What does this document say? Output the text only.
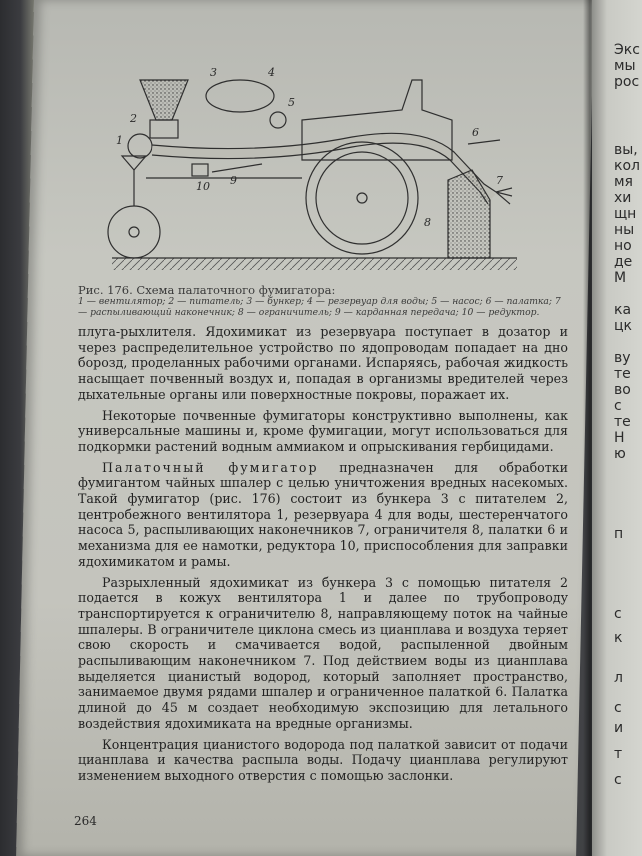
1
2
3	4
5
6
7
8
9
10
Рис. 176. Схема палаточного фумигатора:
1 — вентилятор; 2 — питатель; 3 — бункер; 4 — резервуар для воды; 5 — насос; 6 — палатка; 7 — распыливающий наконечник; 8 — ограничитель; 9 — карданная передача; 10 — редуктор.

плуга-рыхлителя. Ядохимикат из резервуара поступает в дозатор и через распределительное устройство по ядопроводам попадает на дно борозд, проделанных рабочими органами. Испаряясь, рабочая жидкость насыщает почвенный воздух и, попадая в организмы вредителей через дыхательные органы или поверхностные покровы, поражает их.

Некоторые почвенные фумигаторы конструктивно выполнены, как универсальные машины и, кроме фумигации, могут использоваться для подкормки растений водным аммиаком и опрыскивания гербицидами.

Палаточный фумигатор предназначен для обработки фумигантом чайных шпалер с целью уничтожения вредных насекомых. Такой фумигатор (рис. 176) состоит из бункера 3 с питателем 2, центробежного вентилятора 1, резервуара 4 для воды, шестеренчатого насоса 5, распыливающих наконечников 7, ограничителя 8, палатки 6 и механизма для ее намотки, редуктора 10, приспособления для заправки ядохимикатом и рамы.

Разрыхленный ядохимикат из бункера 3 с помощью питателя 2 подается в кожух вентилятора 1 и далее по трубопроводу транспортируется к ограничителю 8, направляющему поток на чайные шпалеры. В ограничителе циклона смесь из цианплава и воздуха теряет свою скорость и смачивается водой, распыленной двойным распыливающим наконечником 7. Под действием воды из цианплава выделяется цианистый водород, который заполняет пространство, занимаемое двумя рядами шпалер и ограниченное палаткой 6. Палатка длиной до 45 м создает необходимую экспозицию для летального воздействия ядохимиката на вредные организмы.

Концентрация цианистого водорода под палаткой зависит от подачи цианплава и качества распыла воды. Подачу цианплава регулируют изменением выходного отверстия с помощью заслонки.

264
Экс
мы
рос
вы,
кол
мя
хи
щн
ны
но
де
М
ка
цк
ву
те
во
с
те
Н
ю
п
с
к
л
с
и
т
с
